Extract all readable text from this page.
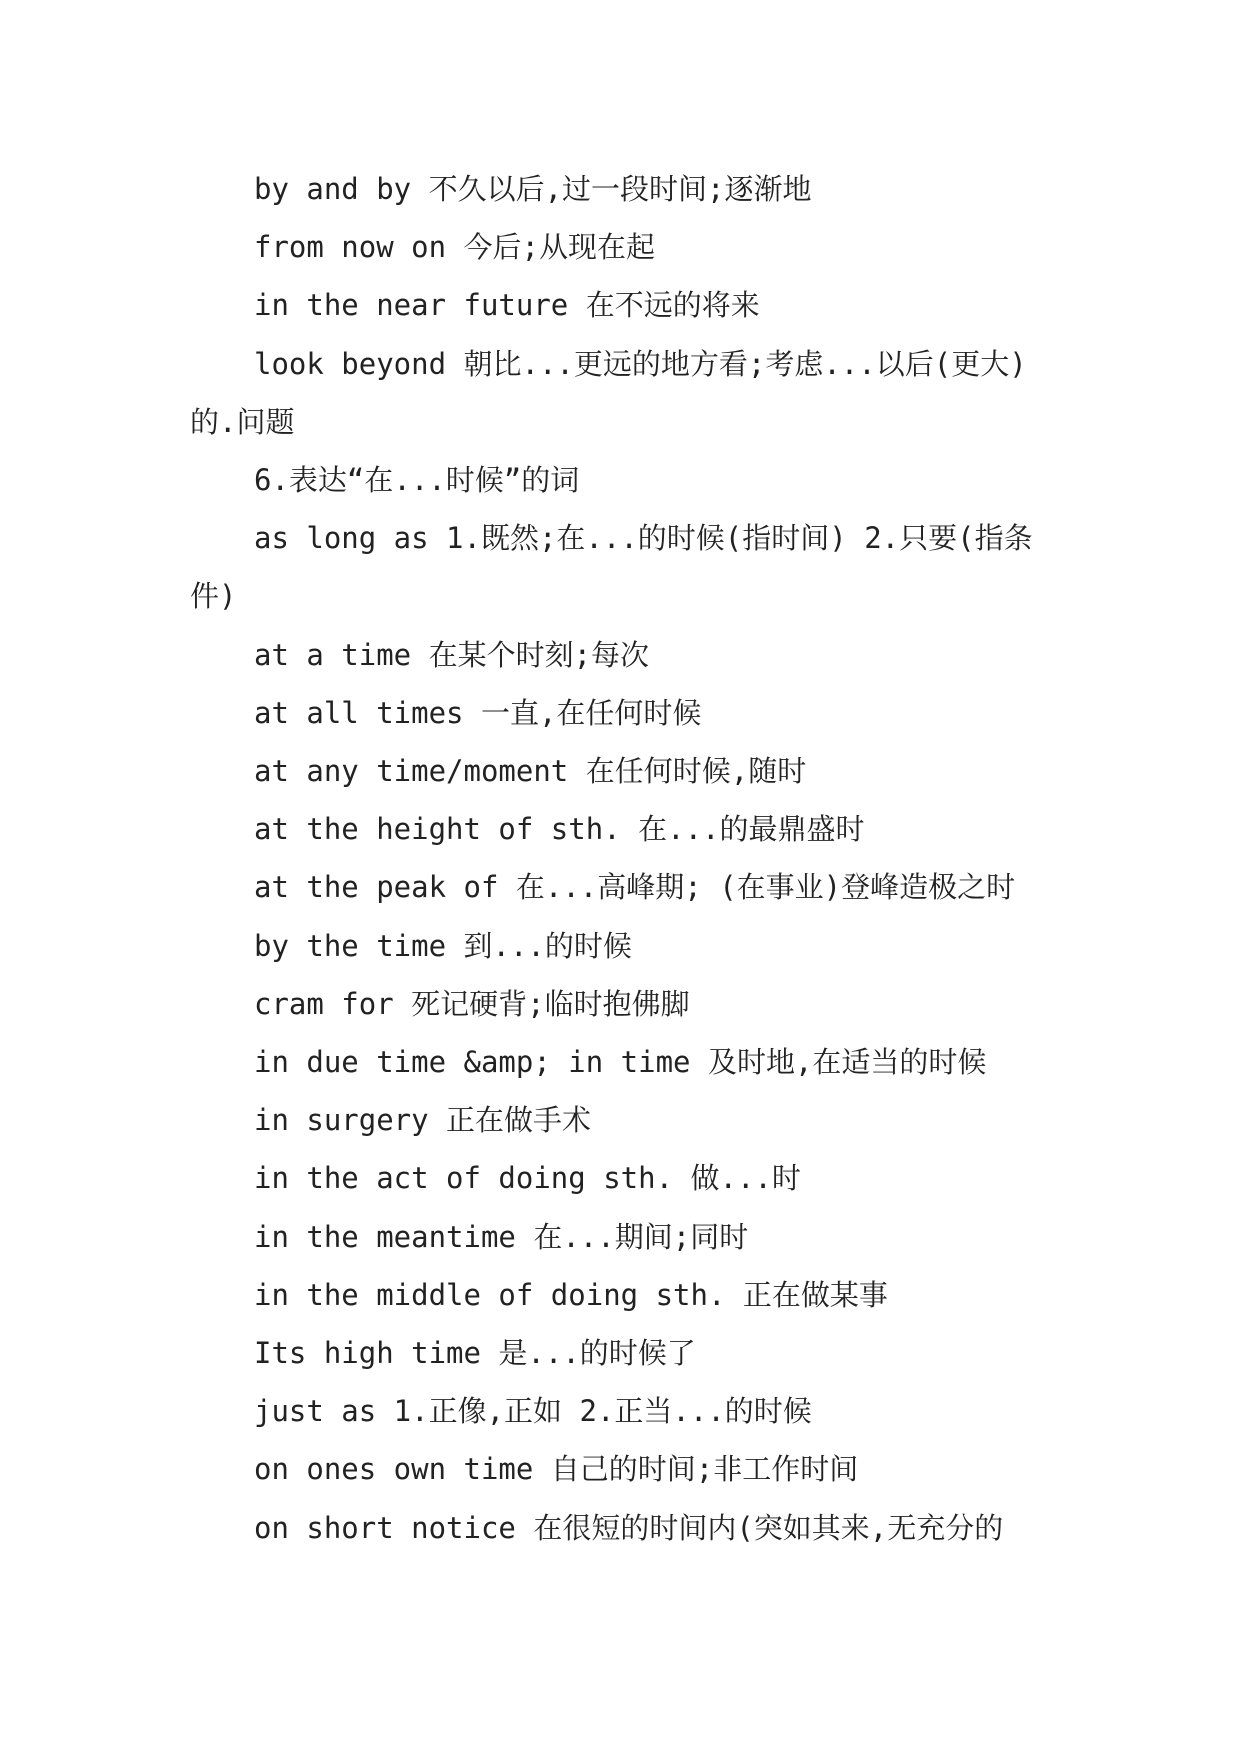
by and by 不久以后,过一段时间;逐渐地

from now on 今后;从现在起

in the near future 在不远的将来

look beyond 朝比...更远的地方看;考虑...以后(更大)的.问题

6.表达“在...时候”的词

as long as 1.既然;在...的时候(指时间) 2.只要(指条件)

at a time 在某个时刻;每次

at all times 一直,在任何时候

at any time/moment 在任何时候,随时

at the height of sth. 在...的最鼎盛时

at the peak of 在...高峰期; (在事业)登峰造极之时

by the time 到...的时候

cram for 死记硬背;临时抱佛脚

in due time &amp; in time 及时地,在适当的时候

in surgery 正在做手术

in the act of doing sth. 做...时

in the meantime 在...期间;同时

in the middle of doing sth. 正在做某事

Its high time 是...的时候了

just as 1.正像,正如 2.正当...的时候

on ones own time 自己的时间;非工作时间

on short notice 在很短的时间内(突如其来,无充分的
